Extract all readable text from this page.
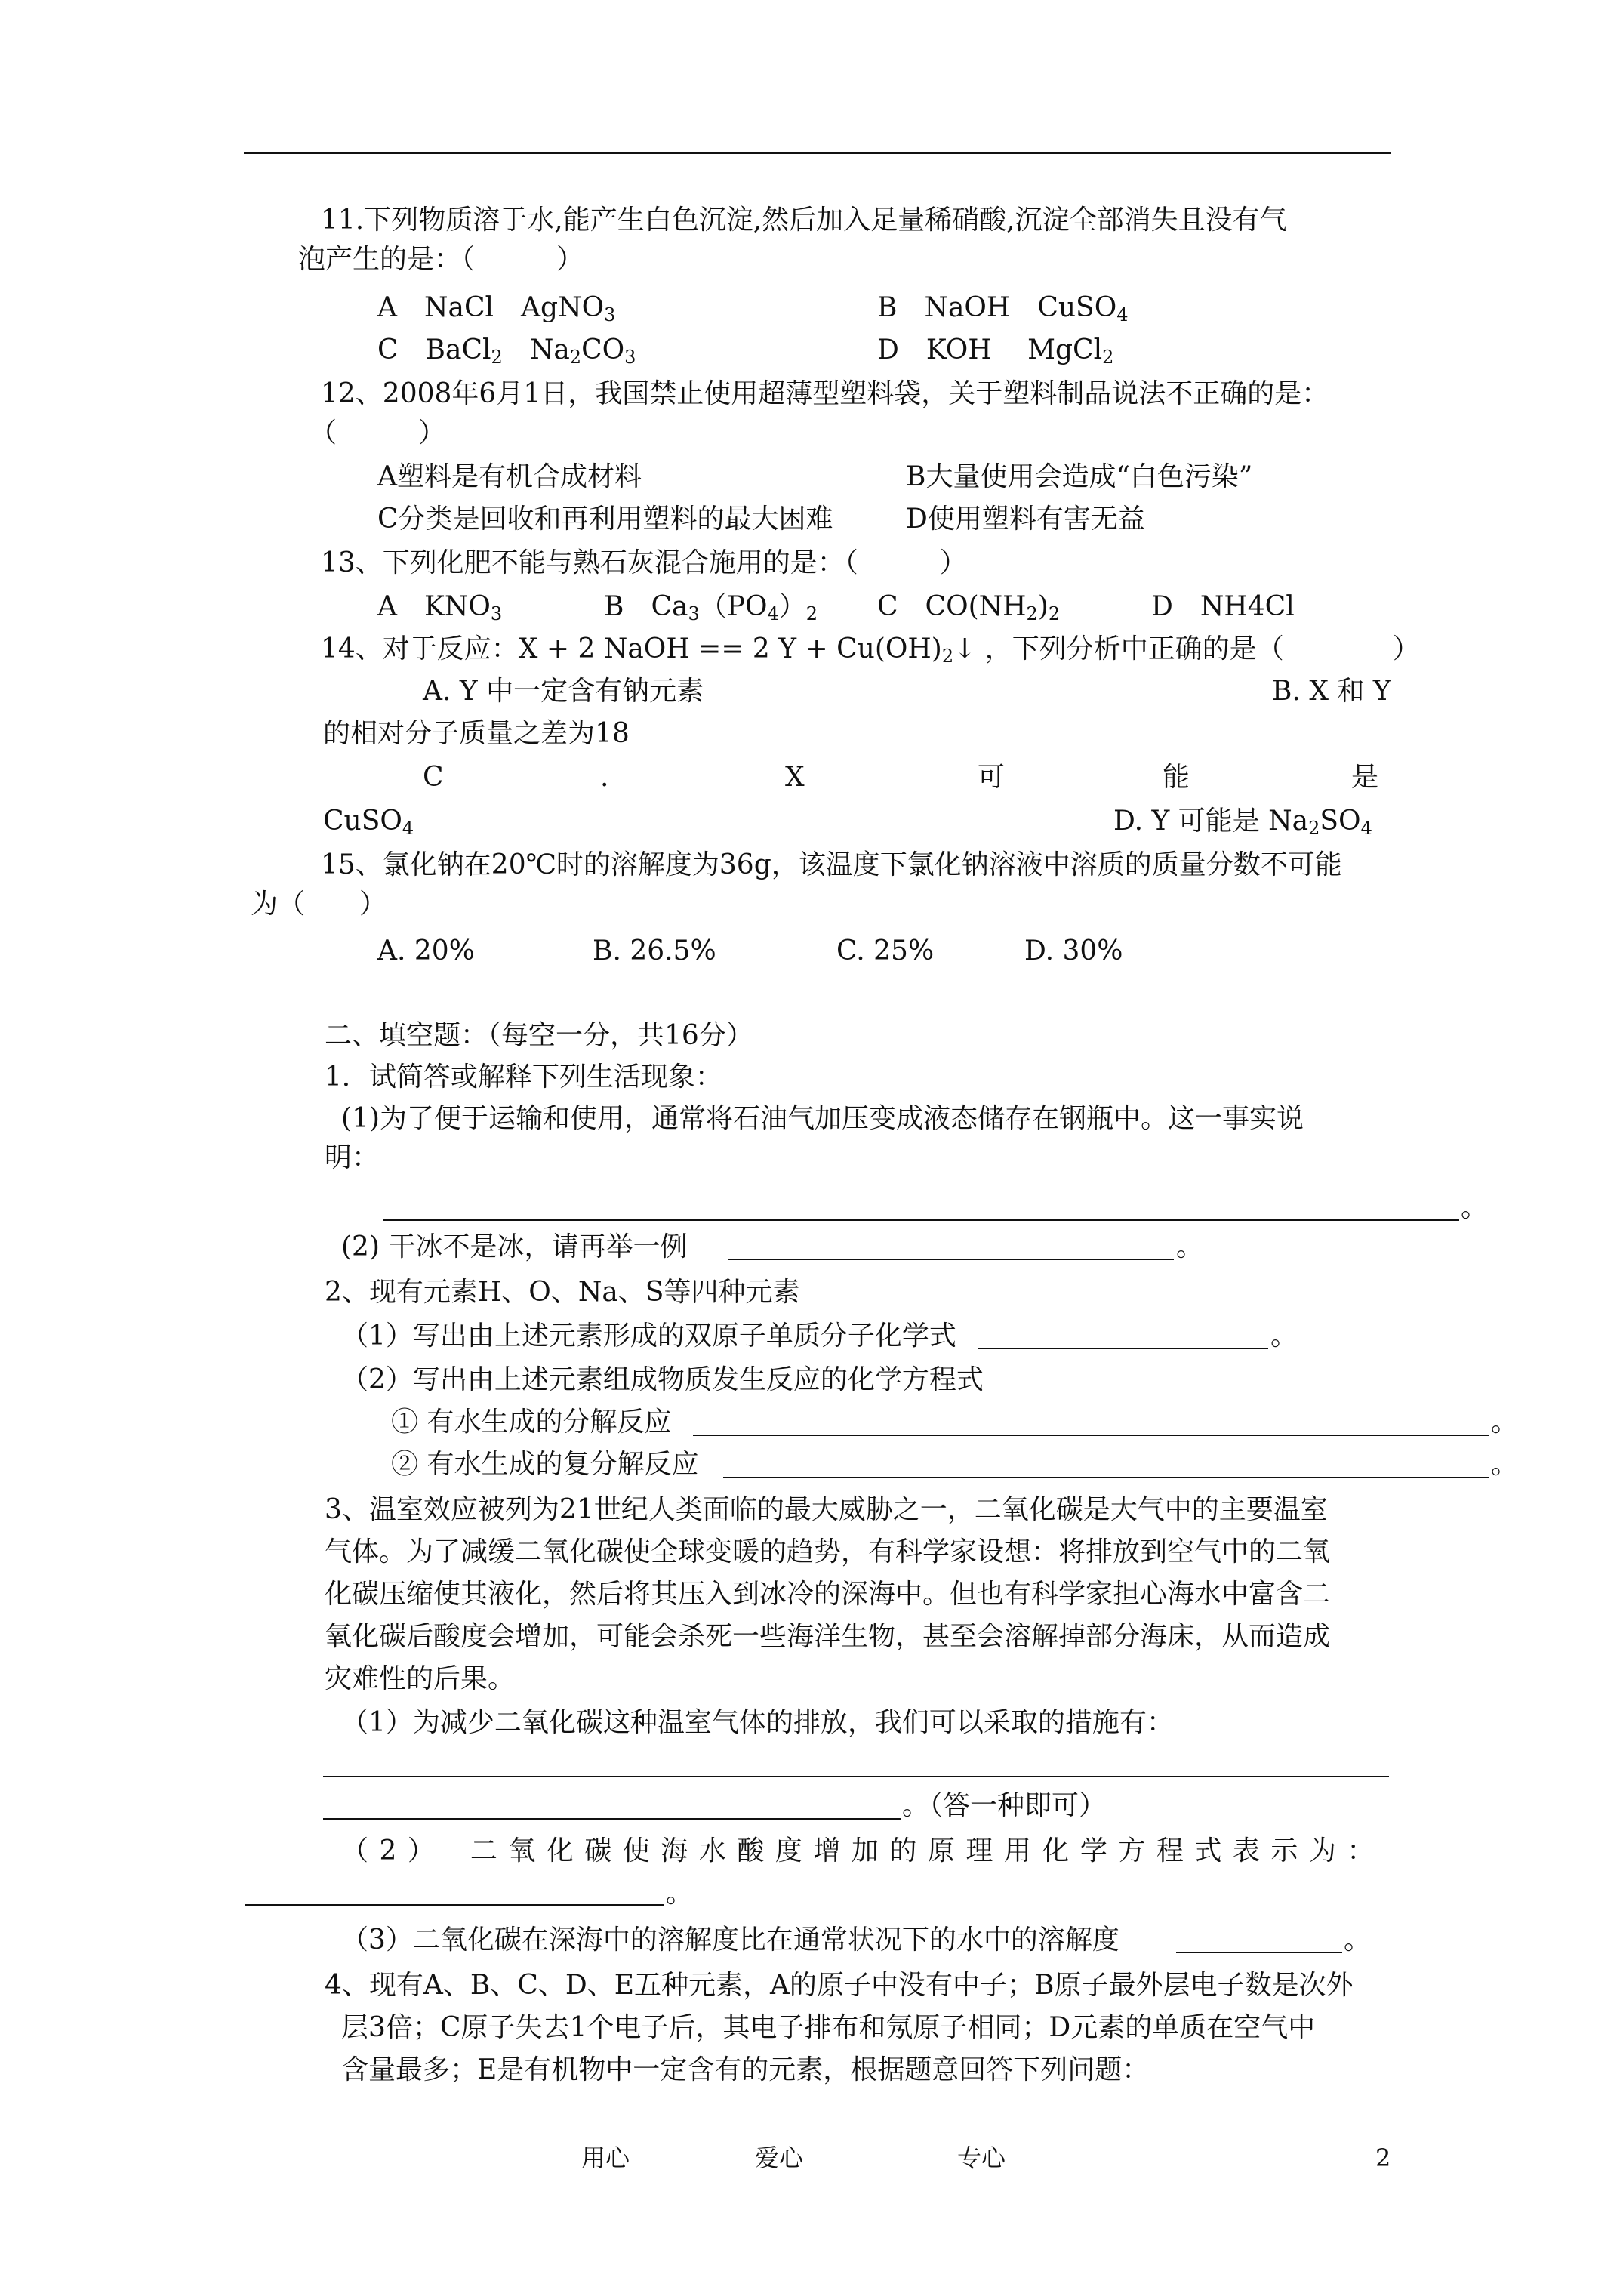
11.下列物质溶于水,能产生白色沉淀,然后加入足量稀硝酸,沉淀全部消失且没有气
泡产生的是：（　　　）
A　NaCl　AgNO$_3$	B　NaOH　CuSO$_4$
C　BaCl$_2$　$Na_2CO_3$	D　KOH　 MgCl$_2$
12、2008年6月1日，我国禁止使用超薄型塑料袋，关于塑料制品说法不正确的是：
（　　　）
A塑料是有机合成材料	B大量使用会造成“白色污染”
C分类是回收和再利用塑料的最大困难	D使用塑料有害无益
13、下列化肥不能与熟石灰混合施用的是：（　　　）
A　$KNO_3$	B　$Ca_3(PO_4)_2$ C　$CO(NH_2)_2$	D　NH4Cl
14、对于反应：X + 2 NaOH == 2 $Y + Cu(OH)_2↓$ ，下列分析中正确的是（　　　　）
A. Y 中一定含有钠元素	B. X 和 Y
的相对分子质量之差为18
C	.	X	可	能	是
CuSO$_4$	D. Y 可能是 $Na_2SO_4$
15、氯化钠在20℃时的溶解度为36g，该温度下氯化钠溶液中溶质的质量分数不可能
为（　　）
A. 20%	B. 26.5%	C. 25%	D. 30%
二、填空题：（每空一分，共16分）
1．试简答或解释下列生活现象：
(1)为了便于运输和使用，通常将石油气加压变成液态储存在钢瓶中。这一事实说
明：
。
(2) 干冰不是冰，请再举一例	。
2、现有元素H、O、Na、S等四种元素
（1）写出由上述元素形成的双原子单质分子化学式	。
（2）写出由上述元素组成物质发生反应的化学方程式
① 有水生成的分解反应	。
② 有水生成的复分解反应	。
3、温室效应被列为21世纪人类面临的最大威胁之一，二氧化碳是大气中的主要温室
气体。为了减缓二氧化碳使全球变暖的趋势，有科学家设想：将排放到空气中的二氧
化碳压缩使其液化，然后将其压入到冰冷的深海中。但也有科学家担心海水中富含二
氧化碳后酸度会增加，可能会杀死一些海洋生物，甚至会溶解掉部分海床，从而造成
灾难性的后果。
（1）为减少二氧化碳这种温室气体的排放，我们可以采取的措施有：
。（答一种即可）
（2）　二氧化碳使海水酸度增加的原理用化学方程式表示为：
。
（3）二氧化碳在深海中的溶解度比在通常状况下的水中的溶解度	。
4、现有A、B、C、D、E五种元素，A的原子中没有中子；B原子最外层电子数是次外
层3倍；C原子失去1个电子后，其电子排布和氖原子相同；D元素的单质在空气中
含量最多；E是有机物中一定含有的元素，根据题意回答下列问题：
用心	爱心	专心	2
